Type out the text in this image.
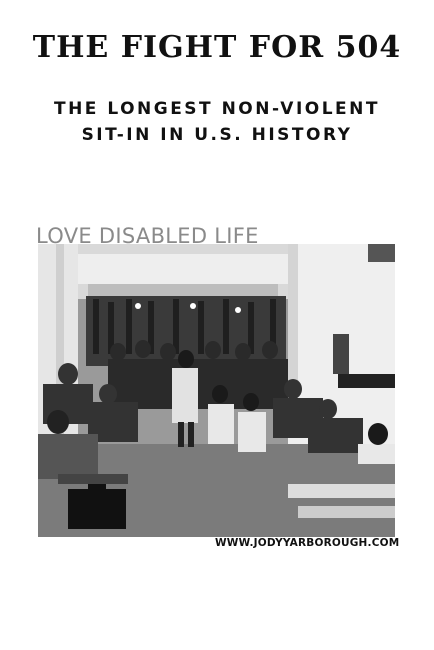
THE FIGHT FOR 504
THE LONGEST NON-VIOLENT
SIT-IN IN U.S. HISTORY
LOVE DISABLED LIFE
WWW.JODYYARBOROUGH.COM
